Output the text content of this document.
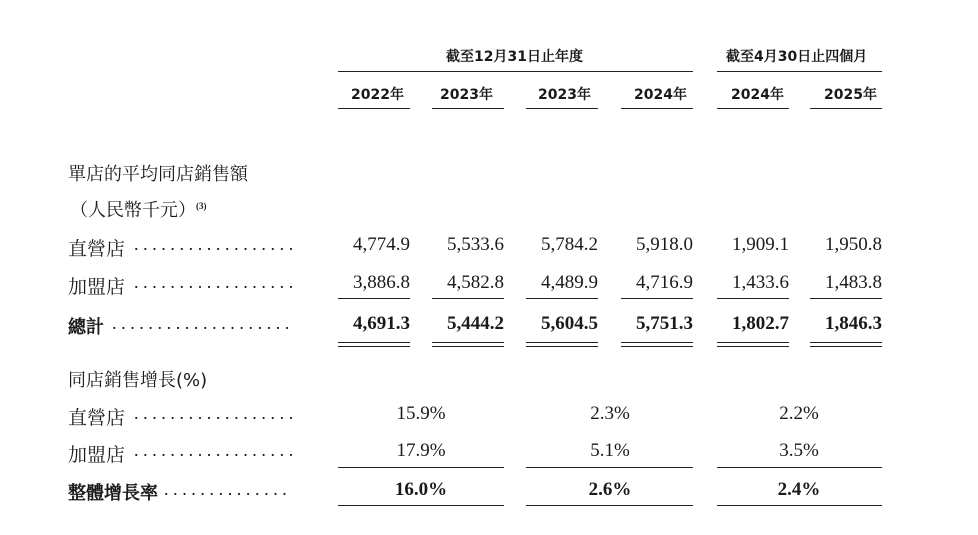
截至12月31日止年度	截至4月30日止四個月
2022年	2023年	2023年	2024年	2024年	2025年
單店的平均同店銷售額
（人民幣千元）$^{(3)}$
直營店 ..................	4,774.9	5,533.6	5,784.2	5,918.0	1,909.1	1,950.8
加盟店 ..................	3,886.8	4,582.8	4,489.9	4,716.9	1,433.6	1,483.8
總計 ....................	4,691.3	5,444.2	5,604.5	5,751.3	1,802.7	1,846.3
同店銷售增長(%)
直營店 ..................	15.9%	2.3%	2.2%
加盟店 ..................	17.9%	5.1%	3.5%
整體增長率 ..............	16.0%	2.6%	2.4%
